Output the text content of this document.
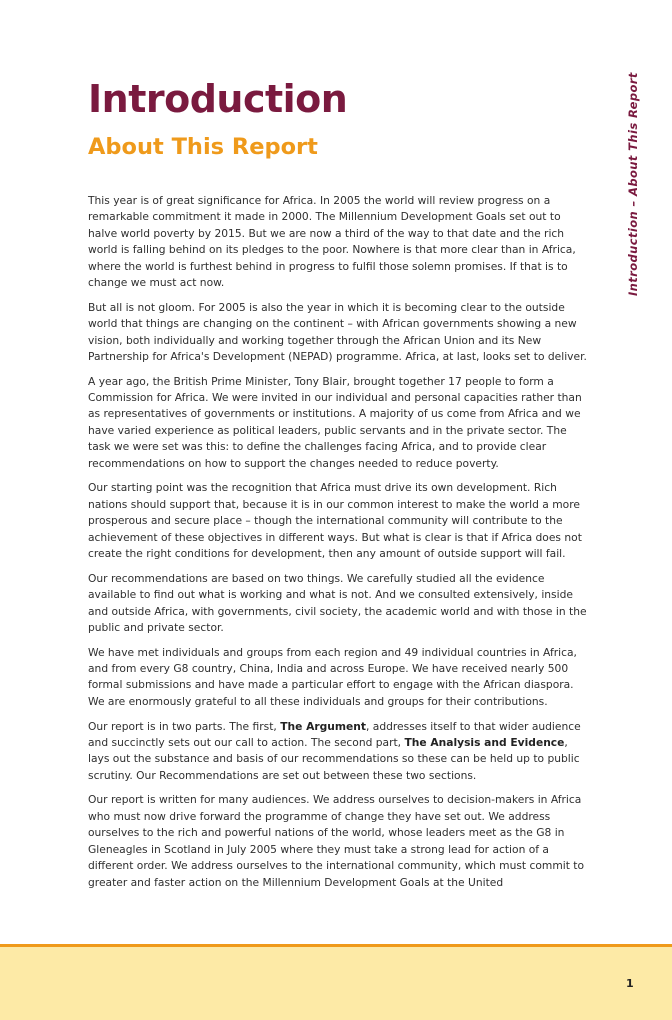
Introduction
About This Report	Introduction – About This Report

This year is of great significance for Africa. In 2005 the world will review progress on a remarkable commitment it made in 2000. The Millennium Development Goals set out to halve world poverty by 2015. But we are now a third of the way to that date and the rich world is falling behind on its pledges to the poor. Nowhere is that more clear than in Africa, where the world is furthest behind in progress to fulfil those solemn promises. If that is to change we must act now.

But all is not gloom. For 2005 is also the year in which it is becoming clear to the outside world that things are changing on the continent – with African governments showing a new vision, both individually and working together through the African Union and its New Partnership for Africa's Development (NEPAD) programme. Africa, at last, looks set to deliver.

A year ago, the British Prime Minister, Tony Blair, brought together 17 people to form a Commission for Africa. We were invited in our individual and personal capacities rather than as representatives of governments or institutions. A majority of us come from Africa and we have varied experience as political leaders, public servants and in the private sector. The task we were set was this: to define the challenges facing Africa, and to provide clear recommendations on how to support the changes needed to reduce poverty.

Our starting point was the recognition that Africa must drive its own development. Rich nations should support that, because it is in our common interest to make the world a more prosperous and secure place – though the international community will contribute to the achievement of these objectives in different ways. But what is clear is that if Africa does not create the right conditions for development, then any amount of outside support will fail.

Our recommendations are based on two things. We carefully studied all the evidence available to find out what is working and what is not. And we consulted extensively, inside and outside Africa, with governments, civil society, the academic world and with those in the public and private sector.

We have met individuals and groups from each region and 49 individual countries in Africa, and from every G8 country, China, India and across Europe. We have received nearly 500 formal submissions and have made a particular effort to engage with the African diaspora. We are enormously grateful to all these individuals and groups for their contributions.

Our report is in two parts. The first, The Argument, addresses itself to that wider audience and succinctly sets out our call to action. The second part, The Analysis and Evidence, lays out the substance and basis of our recommendations so these can be held up to public scrutiny. Our Recommendations are set out between these two sections.

Our report is written for many audiences. We address ourselves to decision-makers in Africa who must now drive forward the programme of change they have set out. We address ourselves to the rich and powerful nations of the world, whose leaders meet as the G8 in Gleneagles in Scotland in July 2005 where they must take a strong lead for action of a different order. We address ourselves to the international community, which must commit to greater and faster action on the Millennium Development Goals at the United

1
